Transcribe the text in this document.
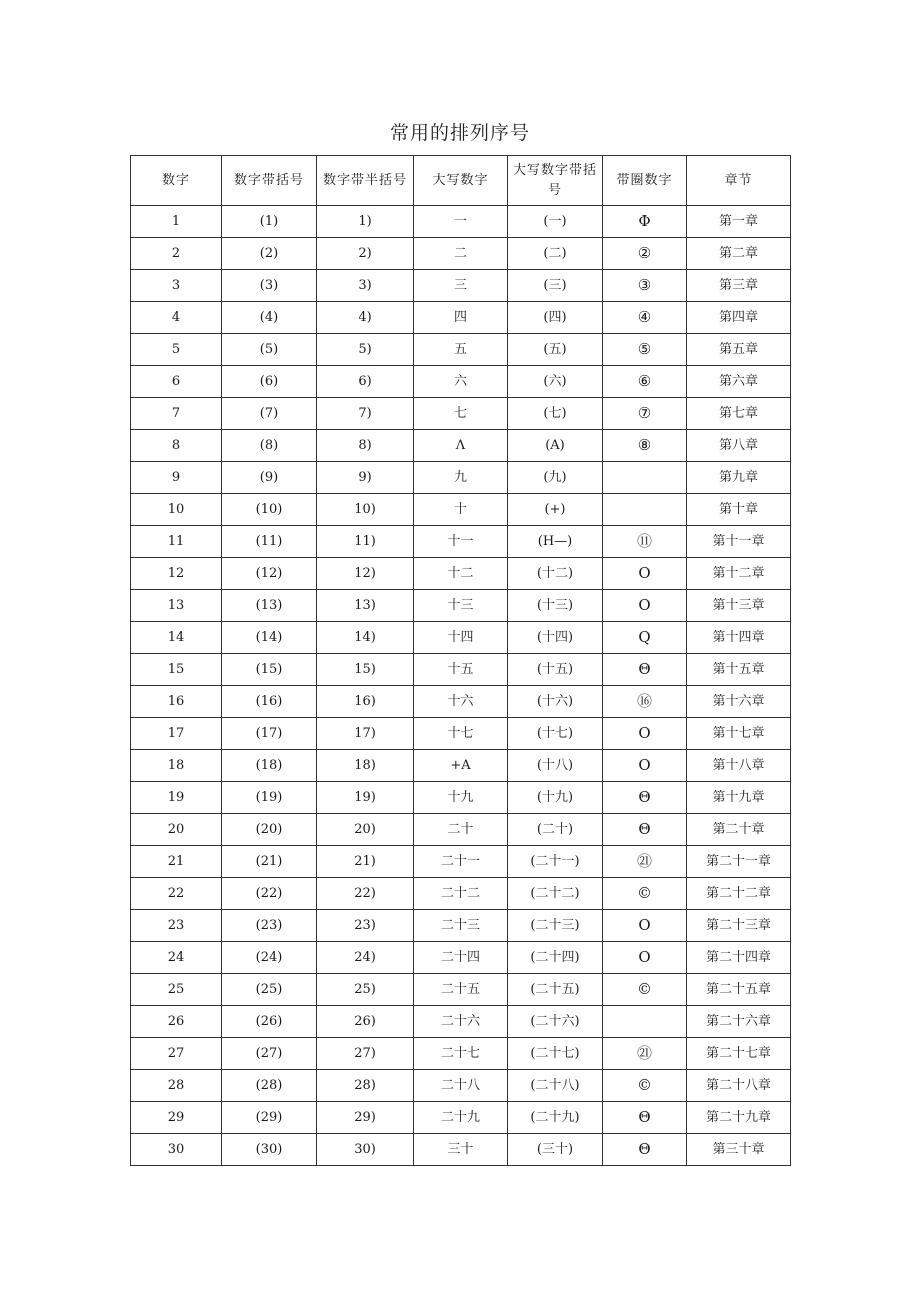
常用的排列序号
数字	数字带括号	数字带半括号	大写数字	大写数字带括号	带圈数字	章节
1	(1)	1)	一	(一)	Φ	第一章
2	(2)	2)	二	(二)	②	第二章
3	(3)	3)	三	(三)	③	第三章
4	(4)	4)	四	(四)	④	第四章
5	(5)	5)	五	(五)	⑤	第五章
6	(6)	6)	六	(六)	⑥	第六章
7	(7)	7)	七	(七)	⑦	第七章
8	(8)	8)	Λ	(A)	⑧	第八章
9	(9)	9)	九	(九)		第九章
10	(10)	10)	十	(+)		第十章
11	(11)	11)	十一	(H—)	⑪	第十一章
12	(12)	12)	十二	(十二)	O	第十二章
13	(13)	13)	十三	(十三)	O	第十三章
14	(14)	14)	十四	(十四)	Q	第十四章
15	(15)	15)	十五	(十五)	Θ	第十五章
16	(16)	16)	十六	(十六)	⑯	第十六章
17	(17)	17)	十七	(十七)	O	第十七章
18	(18)	18)	+A	(十八)	O	第十八章
19	(19)	19)	十九	(十九)	Θ	第十九章
20	(20)	20)	二十	(二十)	Θ	第二十章
21	(21)	21)	二十一	(二十一)	㉑	第二十一章
22	(22)	22)	二十二	(二十二)	©	第二十二章
23	(23)	23)	二十三	(二十三)	O	第二十三章
24	(24)	24)	二十四	(二十四)	O	第二十四章
25	(25)	25)	二十五	(二十五)	©	第二十五章
26	(26)	26)	二十六	(二十六)		第二十六章
27	(27)	27)	二十七	(二十七)	㉑	第二十七章
28	(28)	28)	二十八	(二十八)	©	第二十八章
29	(29)	29)	二十九	(二十九)	Θ	第二十九章
30	(30)	30)	三十	(三十)	Θ	第三十章
